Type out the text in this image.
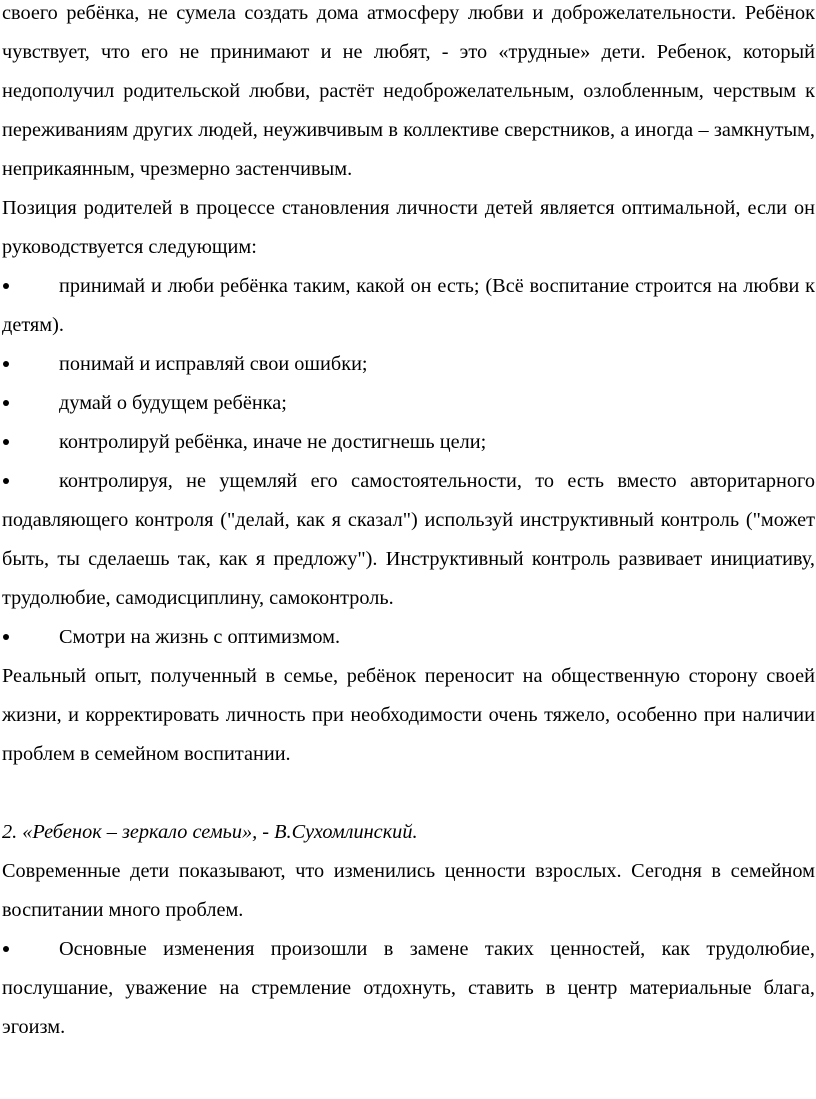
своего ребёнка, не сумела создать дома атмосферу любви и доброжелательности. Ребёнок чувствует, что его не принимают и не любят, - это «трудные» дети. Ребенок, который недополучил родительской любви, растёт недоброжелательным, озлобленным, черствым к переживаниям других людей, неуживчивым в коллективе сверстников, а иногда – замкнутым, неприкаянным, чрезмерно застенчивым.

Позиция родителей в процессе становления личности детей является оптимальной, если он руководствуется следующим:

принимай и люби ребёнка таким, какой он есть; (Всё воспитание строится на любви к детям).

понимай и исправляй свои ошибки;

думай о будущем ребёнка;

контролируй ребёнка, иначе не достигнешь цели;

контролируя, не ущемляй его самостоятельности, то есть вместо авторитарного подавляющего контроля ("делай, как я сказал") используй инструктивный контроль ("может быть, ты сделаешь так, как я предложу"). Инструктивный контроль развивает инициативу, трудолюбие, самодисциплину, самоконтроль.

Смотри на жизнь с оптимизмом.

Реальный опыт, полученный в семье, ребёнок переносит на общественную сторону своей жизни, и корректировать личность при необходимости очень тяжело, особенно при наличии проблем в семейном воспитании.

2. «Ребенок – зеркало семьи», - В.Сухомлинский.

Современные дети показывают, что изменились ценности взрослых. Сегодня в семейном воспитании много проблем.

Основные изменения произошли в замене таких ценностей, как трудолюбие, послушание, уважение на стремление отдохнуть, ставить в центр материальные блага, эгоизм.
